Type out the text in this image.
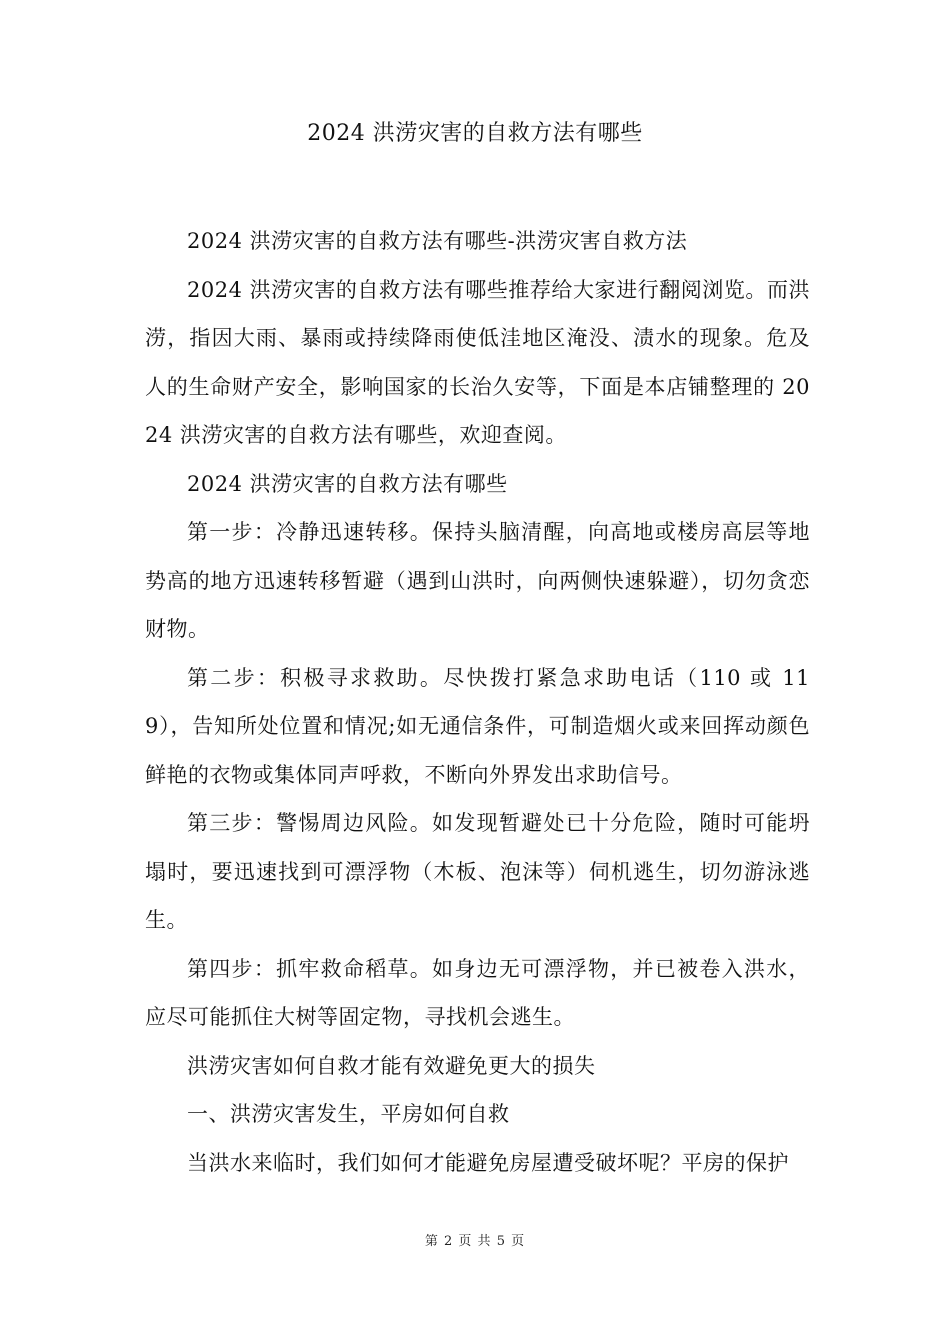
2024 洪涝灾害的自救方法有哪些

2024 洪涝灾害的自救方法有哪些-洪涝灾害自救方法

2024 洪涝灾害的自救方法有哪些推荐给大家进行翻阅浏览。而洪涝，指因大雨、暴雨或持续降雨使低洼地区淹没、渍水的现象。危及人的生命财产安全，影响国家的长治久安等，下面是本店铺整理的 2024 洪涝灾害的自救方法有哪些，欢迎查阅。

2024 洪涝灾害的自救方法有哪些

第一步：冷静迅速转移。保持头脑清醒，向高地或楼房高层等地势高的地方迅速转移暂避（遇到山洪时，向两侧快速躲避），切勿贪恋财物。

第二步：积极寻求救助。尽快拨打紧急求助电话（110 或 119），告知所处位置和情况;如无通信条件，可制造烟火或来回挥动颜色鲜艳的衣物或集体同声呼救，不断向外界发出求助信号。

第三步：警惕周边风险。如发现暂避处已十分危险，随时可能坍塌时，要迅速找到可漂浮物（木板、泡沫等）伺机逃生，切勿游泳逃生。

第四步：抓牢救命稻草。如身边无可漂浮物，并已被卷入洪水，应尽可能抓住大树等固定物，寻找机会逃生。

洪涝灾害如何自救才能有效避免更大的损失

一、洪涝灾害发生，平房如何自救

当洪水来临时，我们如何才能避免房屋遭受破坏呢？平房的保护

第 2 页 共 5 页
